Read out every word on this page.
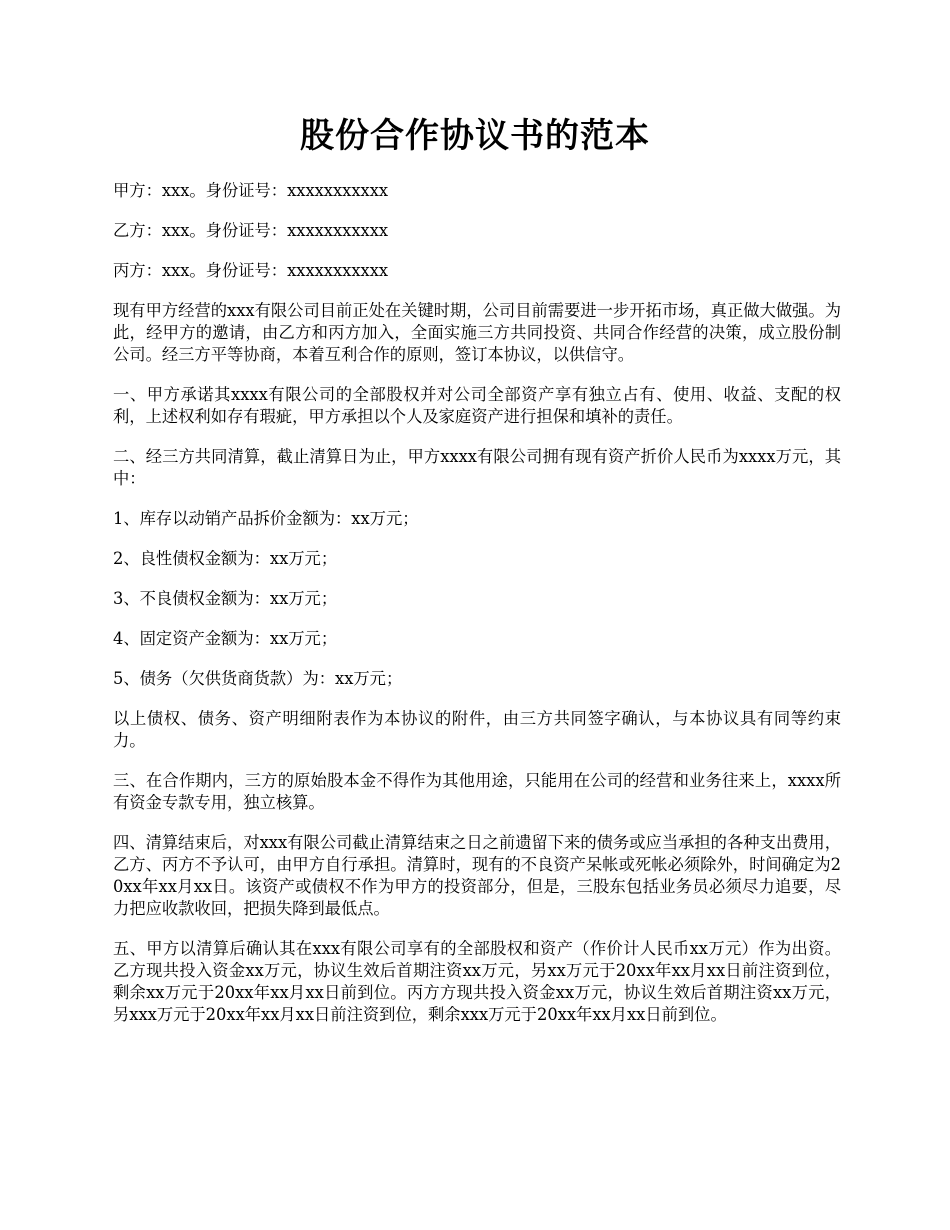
股份合作协议书的范本

甲方：xxx。身份证号：xxxxxxxxxxx

乙方：xxx。身份证号：xxxxxxxxxxx

丙方：xxx。身份证号：xxxxxxxxxxx

现有甲方经营的xxx有限公司目前正处在关键时期，公司目前需要进一步开拓市场，真正做大做强。为此，经甲方的邀请，由乙方和丙方加入，全面实施三方共同投资、共同合作经营的决策，成立股份制公司。经三方平等协商，本着互利合作的原则，签订本协议，以供信守。

一、甲方承诺其xxxx有限公司的全部股权并对公司全部资产享有独立占有、使用、收益、支配的权利，上述权利如存有瑕疵，甲方承担以个人及家庭资产进行担保和填补的责任。

二、经三方共同清算，截止清算日为止，甲方xxxx有限公司拥有现有资产折价人民币为xxxx万元，其中：

1、库存以动销产品拆价金额为：xx万元；

2、良性债权金额为：xx万元；

3、不良债权金额为：xx万元；

4、固定资产金额为：xx万元；

5、债务（欠供货商货款）为：xx万元；

以上债权、债务、资产明细附表作为本协议的附件，由三方共同签字确认，与本协议具有同等约束力。

三、在合作期内，三方的原始股本金不得作为其他用途，只能用在公司的经营和业务往来上，xxxx所有资金专款专用，独立核算。

四、清算结束后，对xxx有限公司截止清算结束之日之前遗留下来的债务或应当承担的各种支出费用，乙方、丙方不予认可，由甲方自行承担。清算时，现有的不良资产呆帐或死帐必须除外，时间确定为20xx年xx月xx日。该资产或债权不作为甲方的投资部分，但是，三股东包括业务员必须尽力追要，尽力把应收款收回，把损失降到最低点。

五、甲方以清算后确认其在xxx有限公司享有的全部股权和资产（作价计人民币xx万元）作为出资。乙方现共投入资金xx万元，协议生效后首期注资xx万元，另xx万元于20xx年xx月xx日前注资到位，剩余xx万元于20xx年xx月xx日前到位。丙方方现共投入资金xx万元，协议生效后首期注资xx万元，另xxx万元于20xx年xx月xx日前注资到位，剩余xxx万元于20xx年xx月xx日前到位。
